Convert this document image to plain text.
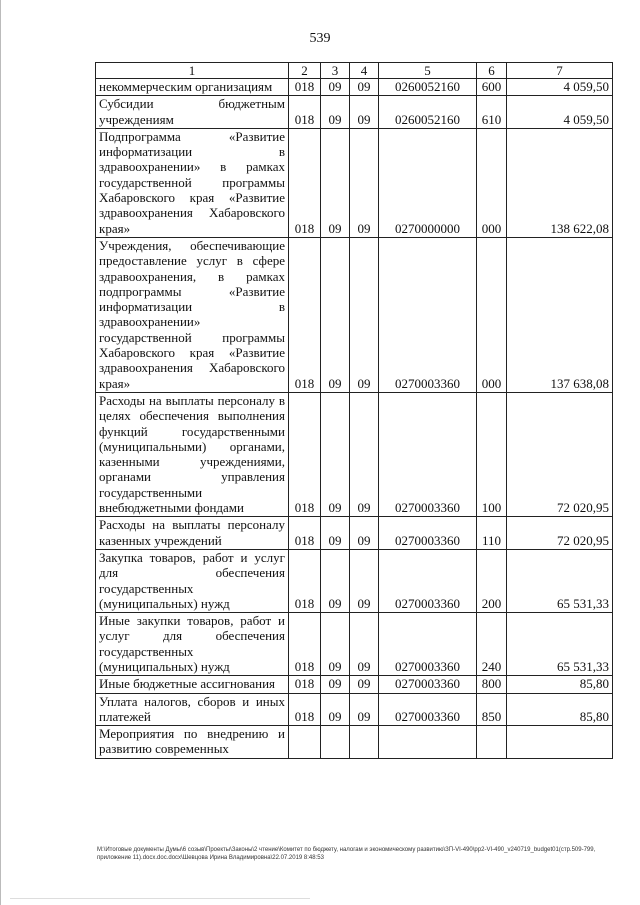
539
1	2	3	4	5	6	7
некоммерческим организациям	018	09	09	0260052160	600	4 059,50
Субсидии бюджетным учреждениям	018	09	09	0260052160	610	4 059,50
Подпрограмма «Развитие информатизации в здравоохранении» в рамках государственной программы Хабаровского края «Развитие здравоохранения Хабаровского края»	018	09	09	0270000000	000	138 622,08
Учреждения, обеспечивающие предоставление услуг в сфере здравоохранения, в рамках подпрограммы «Развитие информатизации в здравоохранении» государственной программы Хабаровского края «Развитие здравоохранения Хабаровского края»	018	09	09	0270003360	000	137 638,08
Расходы на выплаты персоналу в целях обеспечения выполнения функций государственными (муниципальными) органами, казенными учреждениями, органами управления государственными внебюджетными фондами	018	09	09	0270003360	100	72 020,95
Расходы на выплаты персоналу казенных учреждений	018	09	09	0270003360	110	72 020,95
Закупка товаров, работ и услуг для обеспечения государственных (муниципальных) нужд	018	09	09	0270003360	200	65 531,33
Иные закупки товаров, работ и услуг для обеспечения государственных (муниципальных) нужд	018	09	09	0270003360	240	65 531,33
Иные бюджетные ассигнования	018	09	09	0270003360	800	85,80
Уплата налогов, сборов и иных платежей	018	09	09	0270003360	850	85,80
Мероприятия по внедрению и развитию современных						
М:\Итоговые документы Думы\6 созыв\Проекты\Законы\2 чтение\Комитет по бюджету, налогам и экономическому развитию\ЗП-VI-490\pp2-VI-490_v240719_budget01(стр.509-799, приложение 11).docx.doc.docx\Шевцова Ирина Владимировна\22.07.2019 8:48:53
